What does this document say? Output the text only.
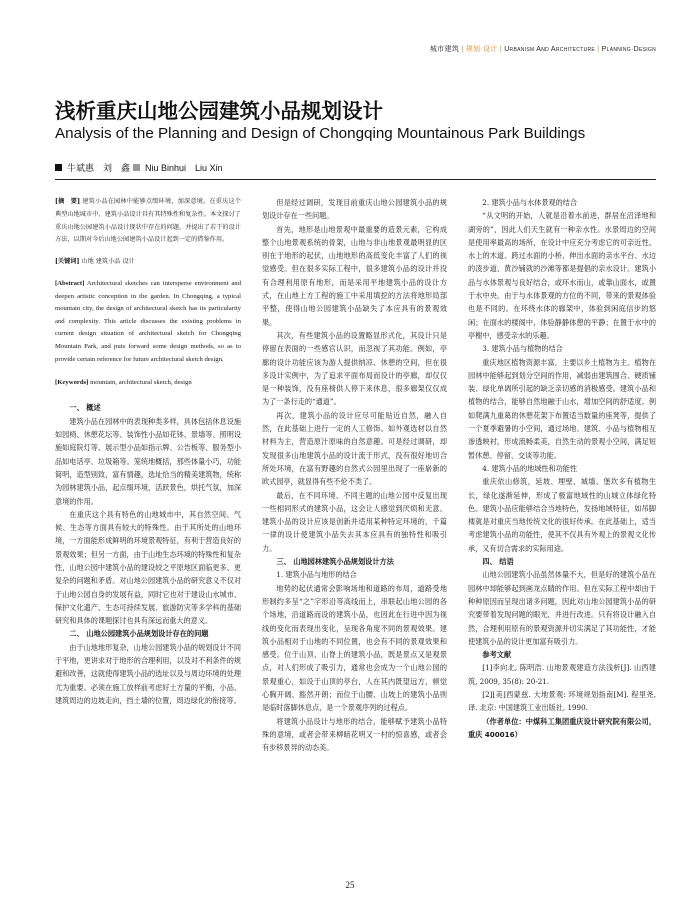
城市建筑 | 规划·设计 | Urbanism And Architecture | Planning·Design
浅析重庆山地公园建筑小品规划设计
Analysis of the Planning and Design of Chongqing Mountainous Park Buildings
牛斌惠　刘　鑫 Niu Binhui　Liu Xin

[摘　要] 建筑小品在园林中能够点缀环境，加深意境。在重庆这个典型山地城市中，建筑小品设计具有其特殊性和复杂性。本文探讨了重庆山地公园建筑小品设计现状中存在的问题，并提出了若干的设计方法，以期对今后山地公园建筑小品设计起到一定的借鉴作用。

[关键词] 山地 建筑小品 设计

[Abstract] Architectural sketches can intersperse environment and deepen artistic conception in the garden. In Chongqing, a typical mountain city, the design of architectural sketch has its particularity and complexity. This article discusses the existing problems in current design situation of architectural sketch for Chongqing Mountain Park, and puts forward some design methods, so as to provide certain reference for future architectural sketch design.

[Keywords] mountain, architectural sketch, design

一、 概述

建筑小品在园林中的表现种类多样，具体包括休息设施如园椅、休憩花坛等、装饰性小品如花钵、景墙等、照明设施如庭院灯等、展示型小品如指示牌、公告板等、服务型小品如电话亭、垃圾箱等。笼统地概括，那些体量小巧，功能简明，造型别致，富有情趣，选址恰当的精美建筑物，统称为园林建筑小品，起点缀环境，活跃景色，烘托气氛，加深意境的作用。

在重庆这个具有特色的山地城市中，其自然空间、气候、生态等方面具有较大的特殊性。由于其所处的山地环境，一方面能形成鲜明的环境景观特征，有利于营造良好的景观效果；但另一方面，由于山地生态环境的特殊性和复杂性，山地公园中建筑小品的建设较之平原地区面临更多、更复杂的问题和矛盾。对山地公园建筑小品的研究意义不仅对于山地公园自身的发展有益，同时它也对于建设山水城市、保护文化遗产、生态可持续发展、旅游防灾等多学科的基础研究和具体的课题探讨也具有深远而重大的意义。

二、 山地公园建筑小品规划设计存在的问题

由于山地地形复杂，山地公园建筑小品的规划设计不同于平地，更讲求对于地形的合理利用，以及对不利条件的规避和改善，这就使得建筑小品的选址以及与周边环境的处理尤为重要。必须在施工放样前考虑好土方量的平衡，小品、建筑周边的边坡走向，挡土墙的位置，周边绿化的衔接等。

但是经过调研，发现目前重庆山地公园建筑小品的规划设计存在一些问题。

首先，地形是山地景观中最重要的造景元素，它构成整个山地景观系统的骨架，山地与非山地景观最明显的区别在于地形的起伏，山地地形的高低变化丰富了人们的视觉感受。但在很多实际工程中，很多建筑小品的设计并没有合理利用原有地形，而是采用平地建筑小品的设计方式，在山地上方工程的施工中采用填挖的方法将地形局部平整，使得山地公园建筑小品缺失了本应具有的景观效果。

其次，有些建筑小品的设置略显形式化，其设计只是停留在表面的一些感官认识，而忽视了其功能。例如，亭廊的设计功能应该为游人提供纳凉、休憩的空间，但在很多设计实例中，为了追求平面布局而设计的亭廊，却仅仅是一种装饰，没有座椅供人停下来休息，很多廊架仅仅成为了一条行走的“通道”。

再次，建筑小品的设计应尽可能贴近自然，融入自然，在此基础上进行一定的人工修饰。如外观选材以自然材料为主，营造原汁原味的自然意趣。可是经过调研，却发现很多山地建筑小品的设计流于形式，没有很好地切合所处环境，在富有野趣的自然式公园里出现了一座崭新的欧式园亭，就显得有些不伦不类了。

最后，在不同环境、不同主题的山地公园中反复出现一些相同形式的建筑小品，这会让人感觉到厌烦和无意。建筑小品的设计应该是创新并适用某种特定环境的，千篇一律的设计使建筑小品失去其本应具有的独特性和吸引力。

三、 山地园林建筑小品规划设计方法

1. 建筑小品与地形的结合

地势的起伏通常会影响场地和道路的布局，道路受地形制约多呈“之”字形沿等高线而上，串联起山地公园的各个场地，沿道路而设的建筑小品，也因此在行进中因为视线的变化而表现出变化，呈现各角度不同的景观效果。建筑小品相对于山地的不同位置，也会有不同的景观效果和感受。位于山顶、山脊上的建筑小品，既是景点又是观景点，对人们形成了吸引力，通常也会成为一个山地公园的景观重心，如设于山顶的亭台，人在其内既望远方，顿觉心胸开阔、豁然开朗；而位于山腰、山坡上的建筑小品则是临时落脚休息点，是一个景观序列的过程点。

将建筑小品设计与地形的结合，能够赋予建筑小品特殊的意境，或者会带来柳暗花明又一村的惊喜感，或者会有步移景异的动态美。

2. 建筑小品与水体景观的结合

“从文明的开始，人就是沿着水前进，群居在沼泽地和湖旁的”，因此人们天生就有一种亲水性。水景周边的空间是使用率最高的场所，在设计中应充分考虑它的可亲近性。水上的木道、跨过水面的小桥、伸出水面的亲水平台、水边的凌步道、黄沙铺就的沙滩等都是提倡的亲水设计。建筑小品与水体景观与良好结合，或环水而山，或靠山面水，或置于水中央。由于与水体景观的方位的不同，带来的景观体验也是不同的。在环绕水体的廊架中，体验到闲庭信步的悠闲；在面水的楼阁中，体验静静体憩的平静；在置于水中的亭榭中，感受亲水的乐趣。

3. 建筑小品与植物的结合

重庆地区植物资源丰富，主要以乡土植物为主。植物在园林中能够起到划分空间的作用，减弱由建筑围合、硬质铺装、绿化单调所引起的缺乏亲切感的消极感受。建筑小品和植物的结合，能够自然地融于山水，增加空间的舒适度。例如爬满九重葛的休憩花架下布置适当数量的座凳等，提供了一个夏季避暑的小空间，通过场地、建筑、小品与植物相互渗透映衬，形成流畅柔美，自然生动的景观小空间，满足短暂休憩、停留、交谈等功能。

4. 建筑小品的地域性和功能性

重庆依山修筑，延坡、埋壁、城墙、堡坎多有植物生长，绿化遂渐延伸，形成了极富地域性的山城立体绿化特色。建筑小品应能够结合当地特色，发扬地域特征，如吊脚楼就是对重庆当地传统文化的很好传承。在此基础上，适当考虑建筑小品的功能性，使其不仅具有外观上的景观文化传承，又有切合需求的实际用途。

四、 结语

山地公园建筑小品虽然体量不大，但是好的建筑小品在园林中却能够起到画龙点睛的作用。但在实际工程中却由于种种原因而呈现出诸多问题，因此对山地公园建筑小品的研究要带着发现问题的眼光，并进行改进。只有将设计融入自然，合理利用原有的景观资源并切实满足了其功能性，才能使建筑小品的设计更加富有吸引力。

参考文献

[1]李向北, 陈明浩. 山地景观建造方法浅析[J]. 山西建筑, 2009, 35(8): 20-21.

[2][美]西蒙兹. 大地景观: 环境规划指南[M]. 程里尧, 译. 北京: 中国建筑工业出版社, 1990.

（作者单位：中煤科工集团重庆设计研究院有限公司，重庆 400016）

25
